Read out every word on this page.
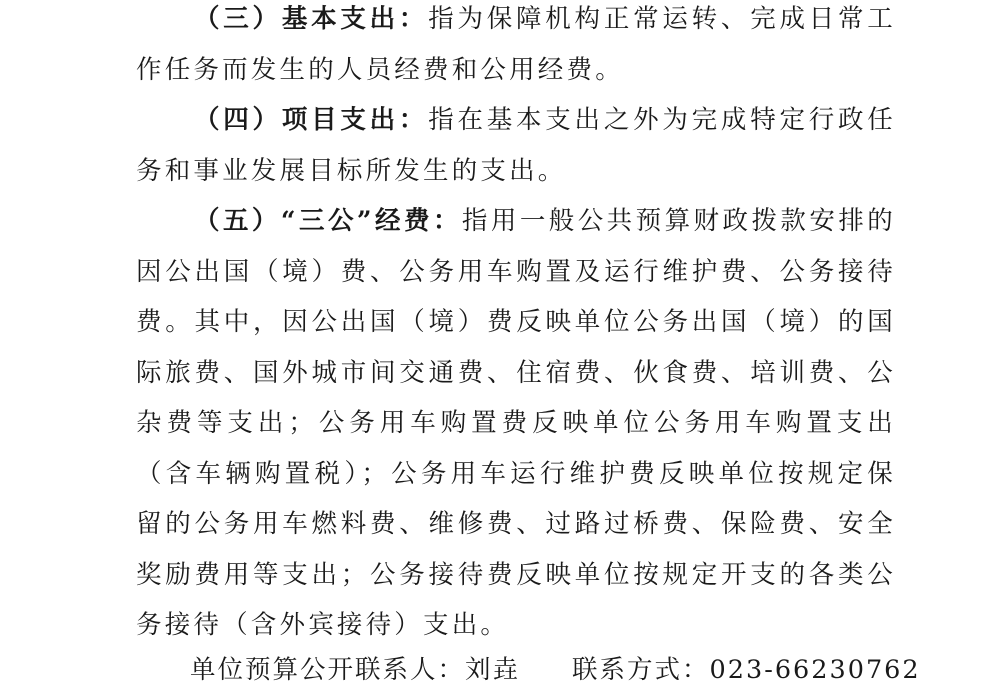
（三）基本支出：指为保障机构正常运转、完成日常工作任务而发生的人员经费和公用经费。

（四）项目支出：指在基本支出之外为完成特定行政任务和事业发展目标所发生的支出。

（五）“三公”经费：指用一般公共预算财政拨款安排的因公出国（境）费、公务用车购置及运行维护费、公务接待费。其中，因公出国（境）费反映单位公务出国（境）的国际旅费、国外城市间交通费、住宿费、伙食费、培训费、公杂费等支出；公务用车购置费反映单位公务用车购置支出（含车辆购置税）；公务用车运行维护费反映单位按规定保留的公务用车燃料费、维修费、过路过桥费、保险费、安全奖励费用等支出；公务接待费反映单位按规定开支的各类公务接待（含外宾接待）支出。

单位预算公开联系人：刘垚 联系方式：023-66230762
